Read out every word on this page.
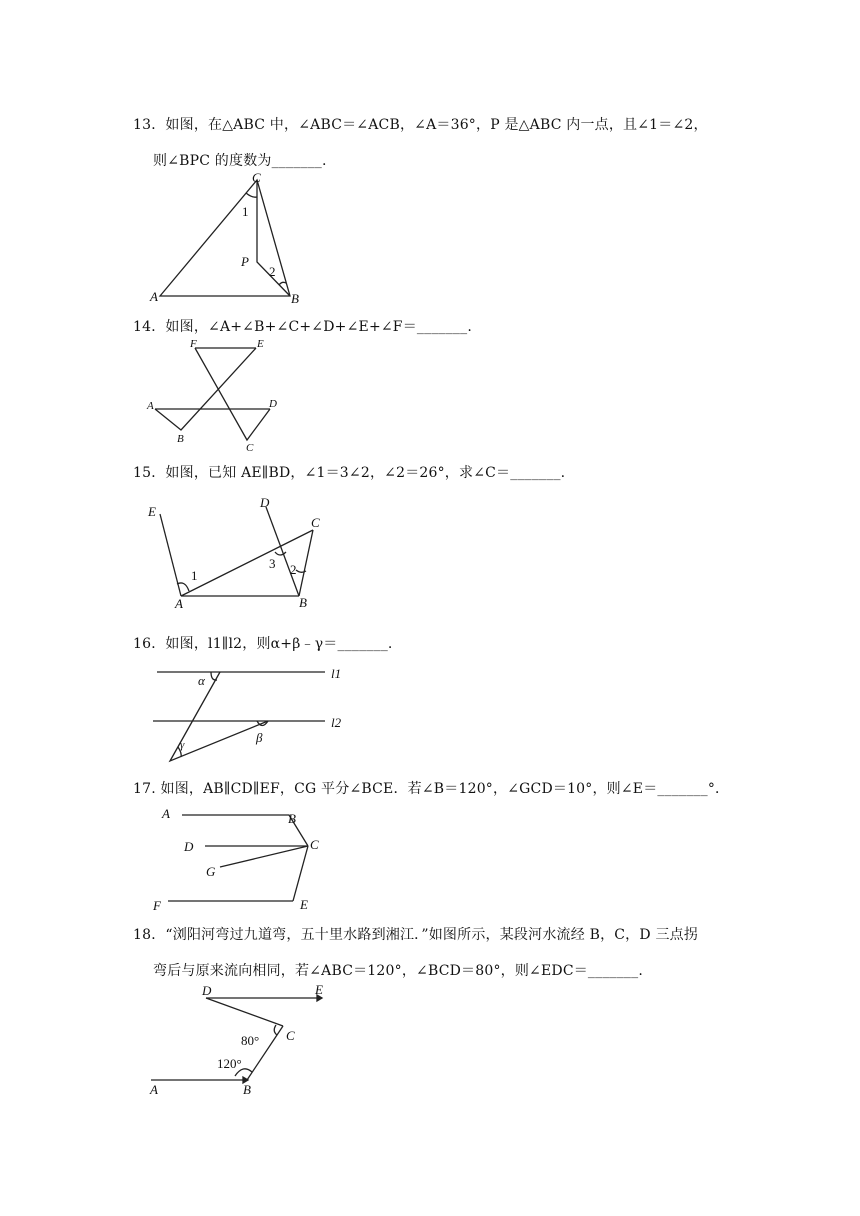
13．如图，在△ABC 中，∠ABC＝∠ACB，∠A＝36°，P 是△ABC 内一点，且∠1＝∠2，
则∠BPC 的度数为_______.
C
1
P
2
A	B
14．如图，∠A+∠B+∠C+∠D+∠E+∠F＝_______.
F	E
A	D
B
C
15．如图，已知 AE∥BD，∠1＝3∠2，∠2＝26°，求∠C＝_______.
E
D
C
1
3 2
A	B
16．如图，l1∥l2，则α+β﹣γ＝_______.
α
β
γ
l1
l2
17. 如图，AB∥CD∥EF，CG 平分∠BCE．若∠B＝120°，∠GCD＝10°，则∠E＝_______°．
A	B
D	C
G
F	E
18．“浏阳河弯过九道弯，五十里水路到湘江．”如图所示，某段河水流经 B，C，D 三点拐
弯后与原来流向相同，若∠ABC＝120°，∠BCD＝80°，则∠EDC＝_______.
D	E
80° C
120°
A	B
